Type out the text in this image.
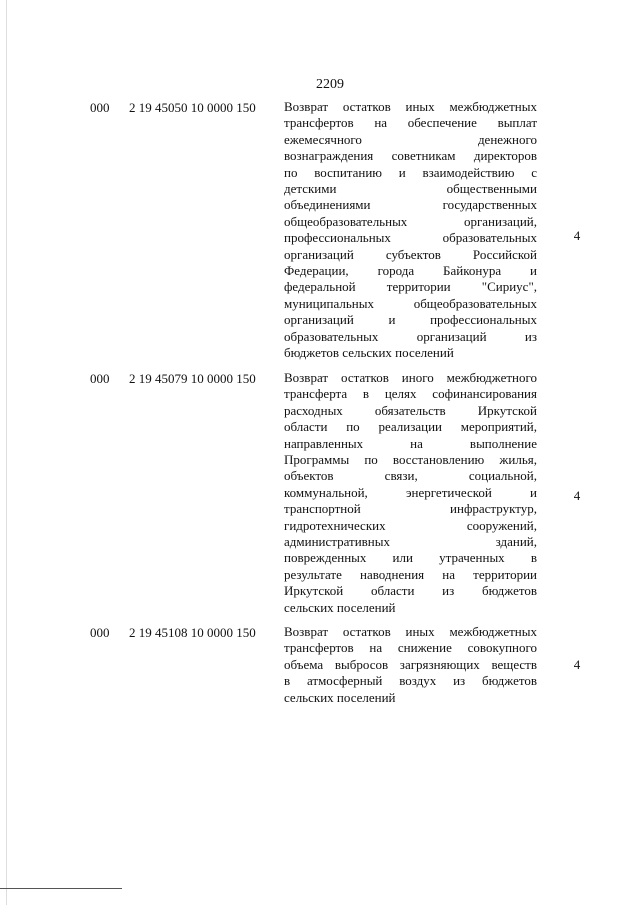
2209
000 2 19 45050 10 0000 150 Возврат остатков иных межбюджетных
трансфертов на обеспечение выплат
ежемесячного денежного
вознаграждения советникам директоров
по воспитанию и взаимодействию с
детскими общественными
объединениями государственных
общеобразовательных организаций,
профессиональных образовательных
организаций субъектов Российской
Федерации, города Байконура и
федеральной территории "Сириус",
муниципальных общеобразовательных
организаций и профессиональных
образовательных организаций из
бюджетов сельских поселений
4
000 2 19 45079 10 0000 150 Возврат остатков иного межбюджетного
трансферта в целях софинансирования
расходных обязательств Иркутской
области по реализации мероприятий,
направленных на выполнение
Программы по восстановлению жилья,
объектов связи, социальной,
коммунальной, энергетической и
транспортной инфраструктур,
гидротехнических сооружений,
административных зданий,
поврежденных или утраченных в
результате наводнения на территории
Иркутской области из бюджетов
сельских поселений
4
000 2 19 45108 10 0000 150 Возврат остатков иных межбюджетных
трансфертов на снижение совокупного
объема выбросов загрязняющих веществ
в атмосферный воздух из бюджетов
сельских поселений
4
